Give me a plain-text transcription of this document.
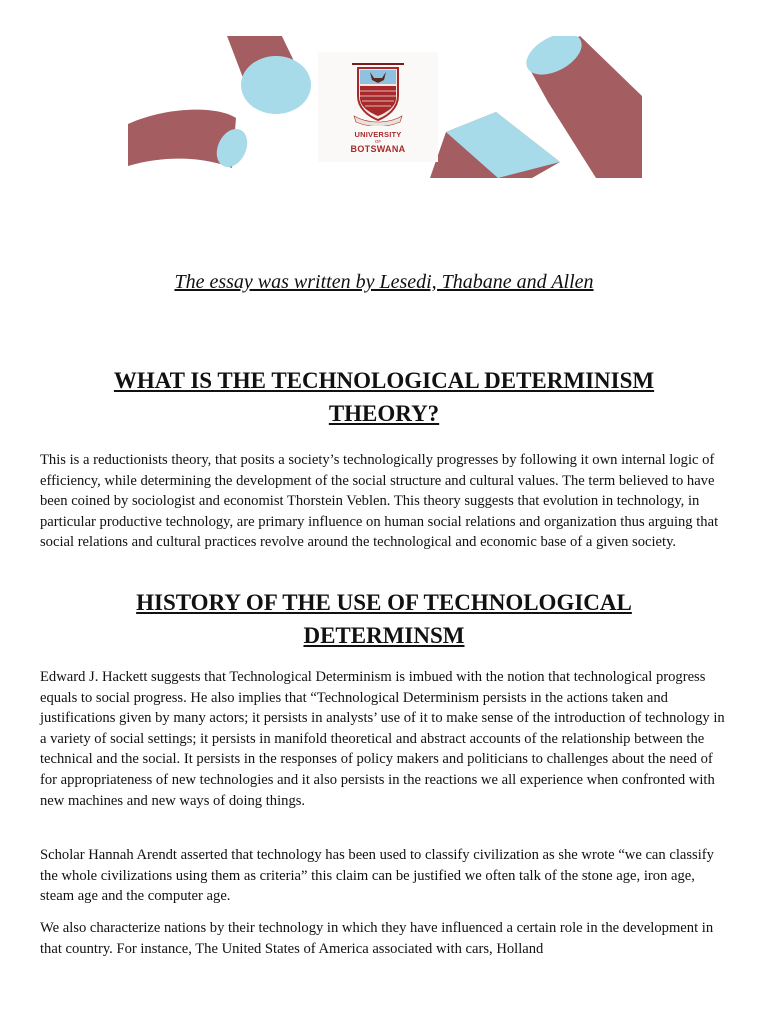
UNIVERSITY
OF
BOTSWANA
The essay was written by Lesedi, Thabane and Allen
WHAT IS THE TECHNOLOGICAL DETERMINISM
THEORY?

This is a reductionists theory, that posits a society’s technologically progresses by following it own internal logic of efficiency, while determining the development of the social structure and cultural values. The term believed to have been coined by sociologist and economist Thorstein Veblen. This theory suggests that evolution in technology, in particular productive technology, are primary influence on human social relations and organization thus arguing that social relations and cultural practices revolve around the technological and economic base of a given society.

HISTORY OF THE USE OF TECHNOLOGICAL
DETERMINSM

Edward J. Hackett suggests that Technological Determinism is imbued with the notion that technological progress equals to social progress. He also implies that “Technological Determinism persists in the actions taken and justifications given by many actors; it persists in analysts’ use of it to make sense of the introduction of technology in a variety of social settings; it persists in manifold theoretical and abstract accounts of the relationship between the technical and the social. It persists in the responses of policy makers and politicians to challenges about the need of for appropriateness of new technologies and it also persists in the reactions we all experience when confronted with new machines and new ways of doing things.

Scholar Hannah Arendt asserted that technology has been used to classify civilization as she wrote “we can classify the whole civilizations using them as criteria” this claim can be justified we often talk of the stone age, iron age, steam age and the computer age.

We also characterize nations by their technology in which they have influenced a certain role in the development in that country. For instance, The United States of America associated with cars, Holland
